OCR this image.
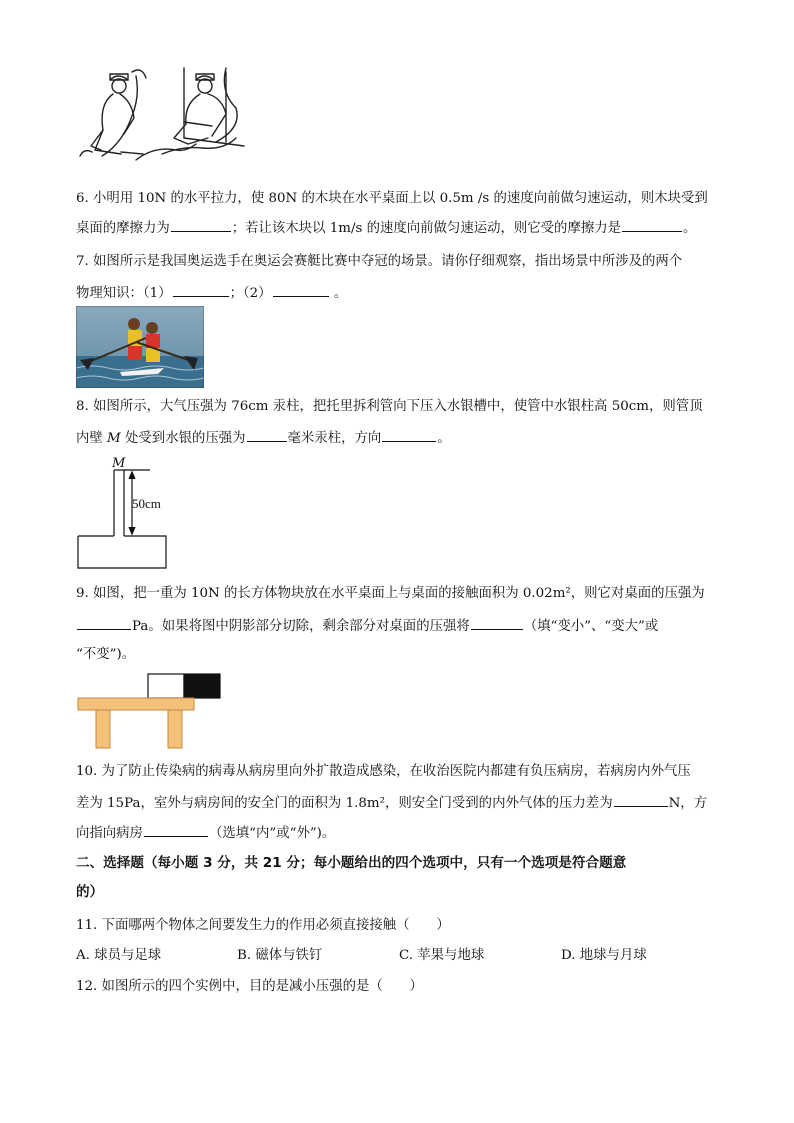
6. 小明用 10N 的水平拉力，使 80N 的木块在水平桌面上以 0.5m /s 的速度向前做匀速运动，则木块受到
桌面的摩擦力为	；若让该木块以 1m/s 的速度向前做匀速运动，则它受的摩擦力是	。
7. 如图所示是我国奥运选手在奥运会赛艇比赛中夺冠的场景。请你仔细观察，指出场景中所涉及的两个
物理知识：（1）	；（2）	。
8. 如图所示，大气压强为 76cm 汞柱，把托里拆利管向下压入水银槽中，使管中水银柱高 50cm，则管顶
内壁 M 处受到水银的压强为	毫米汞柱，方向	。
M
50cm
9. 如图，把一重为 10N 的长方体物块放在水平桌面上与桌面的接触面积为 0.02m²，则它对桌面的压强为
Pa。如果将图中阴影部分切除，剩余部分对桌面的压强将	（填“变小”、“变大”或
“不变”)。
10. 为了防止传染病的病毒从病房里向外扩散造成感染，在收治医院内都建有负压病房，若病房内外气压
差为 15Pa，室外与病房间的安全门的面积为 1.8m²，则安全门受到的内外气体的压力差为	N，方
向指向病房	（选填“内”或“外”)。
二、选择题（每小题 3 分，共 21 分；每小题给出的四个选项中，只有一个选项是符合题意
的）
11. 下面哪两个物体之间要发生力的作用必须直接接触（　　）
A. 球员与足球	B. 磁体与铁钉	C. 苹果与地球	D. 地球与月球
12. 如图所示的四个实例中，目的是减小压强的是（　　）
